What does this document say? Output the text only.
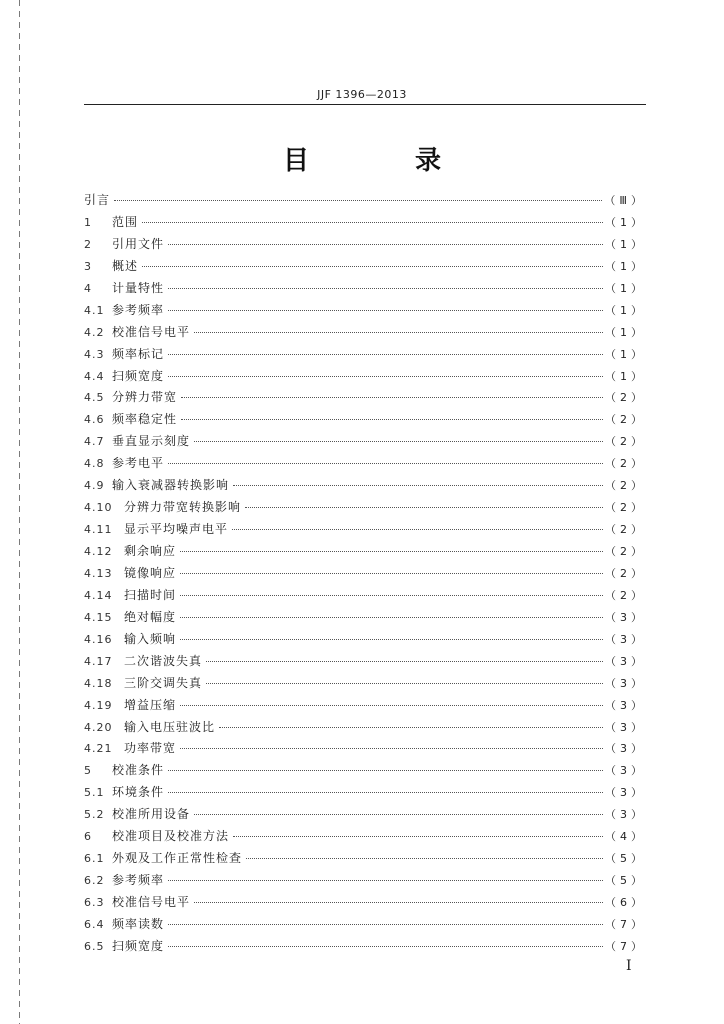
JJF 1396—2013
目　录
引言	（Ⅲ）
1	范围	（1）
2	引用文件	（1）
3	概述	（1）
4	计量特性	（1）
4.1 参考频率	（1）
4.2 校准信号电平	（1）
4.3 频率标记	（1）
4.4 扫频宽度	（1）
4.5 分辨力带宽	（2）
4.6 频率稳定性	（2）
4.7 垂直显示刻度	（2）
4.8 参考电平	（2）
4.9 输入衰减器转换影响	（2）
4.10 分辨力带宽转换影响	（2）
4.11 显示平均噪声电平	（2）
4.12 剩余响应	（2）
4.13 镜像响应	（2）
4.14 扫描时间	（2）
4.15 绝对幅度	（3）
4.16 输入频响	（3）
4.17 二次谐波失真	（3）
4.18 三阶交调失真	（3）
4.19 增益压缩	（3）
4.20 输入电压驻波比	（3）
4.21 功率带宽	（3）
5	校准条件	（3）
5.1 环境条件	（3）
5.2 校准所用设备	（3）
6	校准项目及校准方法	（4）
6.1 外观及工作正常性检查	（5）
6.2 参考频率	（5）
6.3 校准信号电平	（6）
6.4 频率读数	（7）
6.5 扫频宽度	（7）
Ⅰ
